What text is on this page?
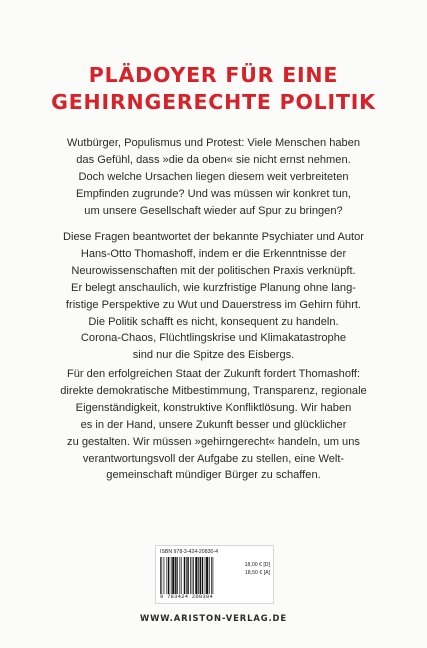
PLÄDOYER FÜR EINE
GEHIRNGERECHTE POLITIK
Wutbürger, Populismus und Protest: Viele Menschen haben
das Gefühl, dass »die da oben« sie nicht ernst nehmen.
Doch welche Ursachen liegen diesem weit verbreiteten
Empfinden zugrunde? Und was müssen wir konkret tun,
um unsere Gesellschaft wieder auf Spur zu bringen?
Diese Fragen beantwortet der bekannte Psychiater und Autor
Hans-Otto Thomashoff, indem er die Erkenntnisse der
Neurowissenschaften mit der politischen Praxis verknüpft.
Er belegt anschaulich, wie kurzfristige Planung ohne lang-
fristige Perspektive zu Wut und Dauerstress im Gehirn führt.
Die Politik schafft es nicht, konsequent zu handeln.
Corona-Chaos, Flüchtlingskrise und Klimakatastrophe
sind nur die Spitze des Eisbergs.
Für den erfolgreichen Staat der Zukunft fordert Thomashoff:
direkte demokratische Mitbestimmung, Transparenz, regionale
Eigenständigkeit, konstruktive Konfliktlösung. Wir haben
es in der Hand, unsere Zukunft besser und glücklicher
zu gestalten. Wir müssen »gehirngerecht« handeln, um uns
verantwortungsvoll der Aufgabe zu stellen, eine Welt-
gemeinschaft mündiger Bürger zu schaffen.
ISBN 978-3-424-20830-4
18,00 € [D]
18,50 € [A]
9 783424 208304
WWW.ARISTON-VERLAG.DE
